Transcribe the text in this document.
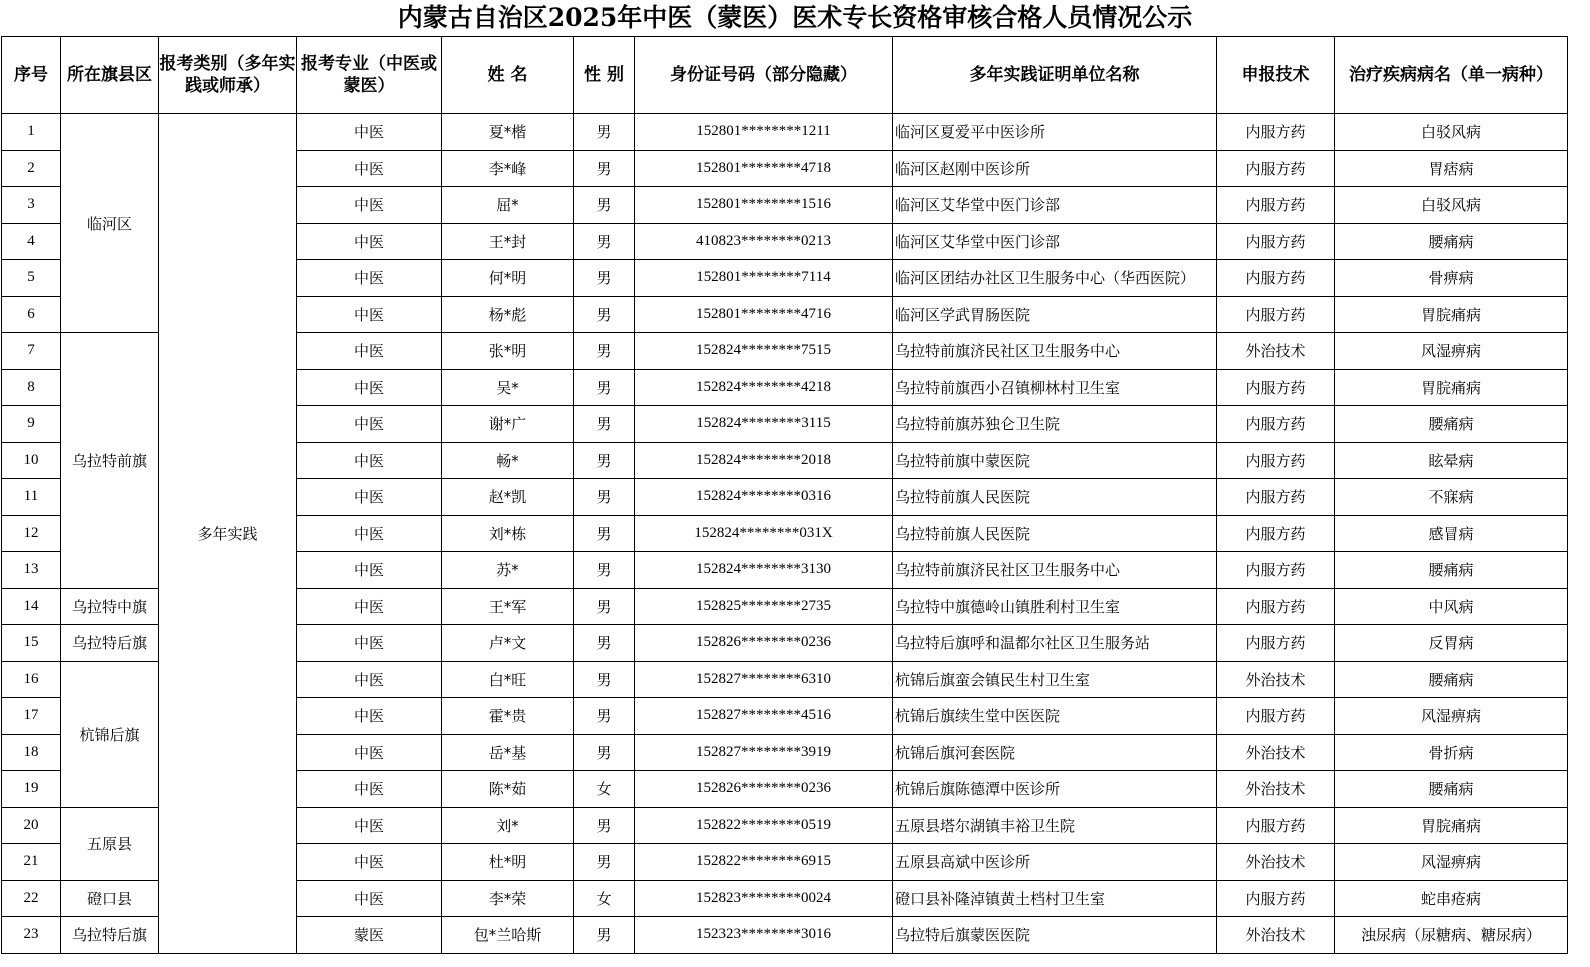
内蒙古自治区2025年中医（蒙医）医术专长资格审核合格人员情况公示
序号	所在旗县区	报考类别（多年实践或师承）	报考专业（中医或蒙医）	姓 名	性 别	身份证号码（部分隐藏）	多年实践证明单位名称	申报技术	治疗疾病病名（单一病种）
1	临河区	多年实践	中医	夏*楷	男	152801********1211	临河区夏爱平中医诊所	内服方药	白驳风病
2			中医	李*峰	男	152801********4718	临河区赵刚中医诊所	内服方药	胃痞病
3			中医	屈*	男	152801********1516	临河区艾华堂中医门诊部	内服方药	白驳风病
4			中医	王*封	男	410823********0213	临河区艾华堂中医门诊部	内服方药	腰痛病
5			中医	何*明	男	152801********7114	临河区团结办社区卫生服务中心（华西医院）	内服方药	骨痹病
6			中医	杨*彪	男	152801********4716	临河区学武胃肠医院	内服方药	胃脘痛病
7	乌拉特前旗		中医	张*明	男	152824********7515	乌拉特前旗济民社区卫生服务中心	外治技术	风湿痹病
8			中医	吴*	男	152824********4218	乌拉特前旗西小召镇柳林村卫生室	内服方药	胃脘痛病
9			中医	谢*广	男	152824********3115	乌拉特前旗苏独仑卫生院	内服方药	腰痛病
10			中医	畅*	男	152824********2018	乌拉特前旗中蒙医院	内服方药	眩晕病
11			中医	赵*凯	男	152824********0316	乌拉特前旗人民医院	内服方药	不寐病
12			中医	刘*栋	男	152824********031X	乌拉特前旗人民医院	内服方药	感冒病
13			中医	苏*	男	152824********3130	乌拉特前旗济民社区卫生服务中心	内服方药	腰痛病
14	乌拉特中旗		中医	王*军	男	152825********2735	乌拉特中旗德岭山镇胜利村卫生室	内服方药	中风病
15	乌拉特后旗		中医	卢*文	男	152826********0236	乌拉特后旗呼和温都尔社区卫生服务站	内服方药	反胃病
16	杭锦后旗		中医	白*旺	男	152827********6310	杭锦后旗蛮会镇民生村卫生室	外治技术	腰痛病
17			中医	霍*贵	男	152827********4516	杭锦后旗续生堂中医医院	内服方药	风湿痹病
18			中医	岳*基	男	152827********3919	杭锦后旗河套医院	外治技术	骨折病
19			中医	陈*茹	女	152826********0236	杭锦后旗陈德潭中医诊所	外治技术	腰痛病
20	五原县		中医	刘*	男	152822********0519	五原县塔尔湖镇丰裕卫生院	内服方药	胃脘痛病
21			中医	杜*明	男	152822********6915	五原县高斌中医诊所	外治技术	风湿痹病
22	磴口县		中医	李*荣	女	152823********0024	磴口县补隆淖镇黄土档村卫生室	内服方药	蛇串疮病
23	乌拉特后旗		蒙医	包*兰哈斯	男	152323********3016	乌拉特后旗蒙医医院	外治技术	浊尿病（尿糖病、糖尿病）
